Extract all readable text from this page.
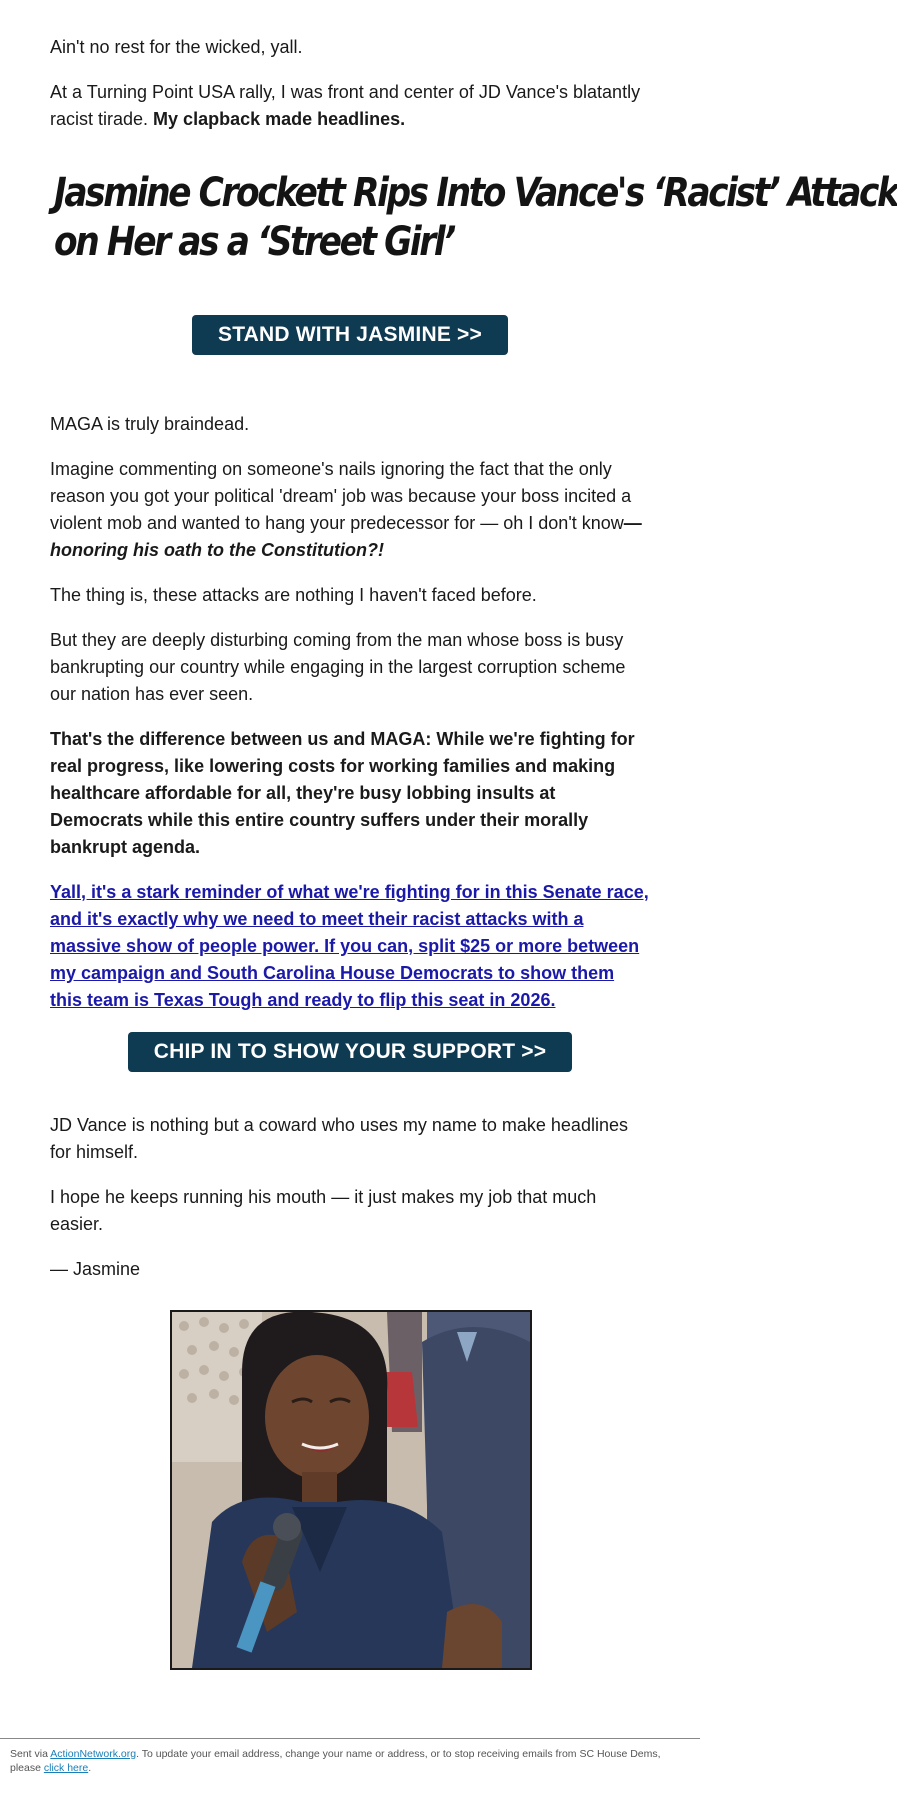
Ain't no rest for the wicked, yall.

At a Turning Point USA rally, I was front and center of JD Vance's blatantly racist tirade. My clapback made headlines.

Jasmine Crockett Rips Into Vance's ‘Racist’ Attack
on Her as a ‘Street Girl’
STAND WITH JASMINE >>

MAGA is truly braindead.

Imagine commenting on someone's nails ignoring the fact that the only reason you got your political 'dream' job was because your boss incited a violent mob and wanted to hang your predecessor for — oh I don't know— honoring his oath to the Constitution?!

The thing is, these attacks are nothing I haven't faced before.

But they are deeply disturbing coming from the man whose boss is busy bankrupting our country while engaging in the largest corruption scheme our nation has ever seen.

That's the difference between us and MAGA: While we're fighting for real progress, like lowering costs for working families and making healthcare affordable for all, they're busy lobbing insults at Democrats while this entire country suffers under their morally bankrupt agenda.

Yall, it's a stark reminder of what we're fighting for in this Senate race, and it's exactly why we need to meet their racist attacks with a massive show of people power. If you can, split $25 or more between my campaign and South Carolina House Democrats to show them this team is Texas Tough and ready to flip this seat in 2026.
CHIP IN TO SHOW YOUR SUPPORT >>

JD Vance is nothing but a coward who uses my name to make headlines for himself.

I hope he keeps running his mouth — it just makes my job that much easier.

— Jasmine

Sent via ActionNetwork.org. To update your email address, change your name or address, or to stop receiving emails from SC House Dems, please click here.
